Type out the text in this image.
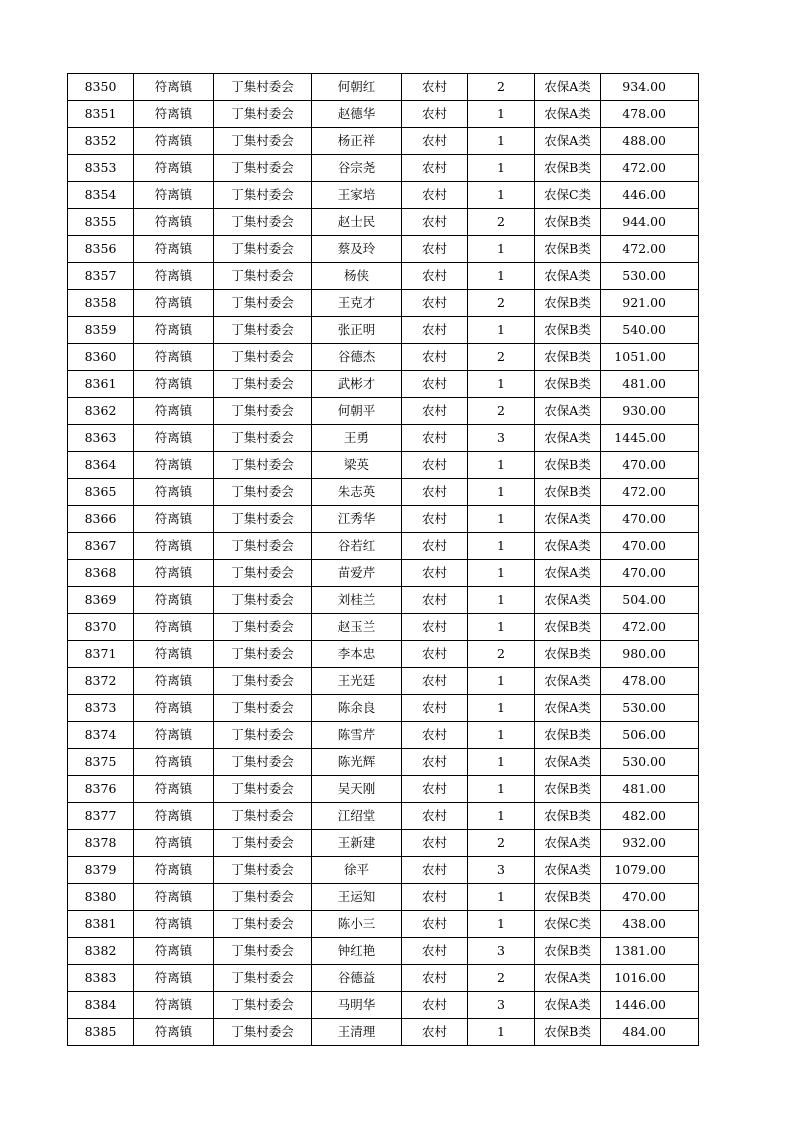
8350	符离镇	丁集村委会	何朝红	农村	2	农保A类	934.00
8351	符离镇	丁集村委会	赵德华	农村	1	农保A类	478.00
8352	符离镇	丁集村委会	杨正祥	农村	1	农保A类	488.00
8353	符离镇	丁集村委会	谷宗尧	农村	1	农保B类	472.00
8354	符离镇	丁集村委会	王家培	农村	1	农保C类	446.00
8355	符离镇	丁集村委会	赵士民	农村	2	农保B类	944.00
8356	符离镇	丁集村委会	蔡及玲	农村	1	农保B类	472.00
8357	符离镇	丁集村委会	杨侠	农村	1	农保A类	530.00
8358	符离镇	丁集村委会	王克才	农村	2	农保B类	921.00
8359	符离镇	丁集村委会	张正明	农村	1	农保B类	540.00
8360	符离镇	丁集村委会	谷德杰	农村	2	农保B类	1051.00
8361	符离镇	丁集村委会	武彬才	农村	1	农保B类	481.00
8362	符离镇	丁集村委会	何朝平	农村	2	农保A类	930.00
8363	符离镇	丁集村委会	王勇	农村	3	农保A类	1445.00
8364	符离镇	丁集村委会	梁英	农村	1	农保B类	470.00
8365	符离镇	丁集村委会	朱志英	农村	1	农保B类	472.00
8366	符离镇	丁集村委会	江秀华	农村	1	农保A类	470.00
8367	符离镇	丁集村委会	谷若红	农村	1	农保A类	470.00
8368	符离镇	丁集村委会	苗爱芹	农村	1	农保A类	470.00
8369	符离镇	丁集村委会	刘桂兰	农村	1	农保A类	504.00
8370	符离镇	丁集村委会	赵玉兰	农村	1	农保B类	472.00
8371	符离镇	丁集村委会	李本忠	农村	2	农保B类	980.00
8372	符离镇	丁集村委会	王光廷	农村	1	农保A类	478.00
8373	符离镇	丁集村委会	陈余良	农村	1	农保A类	530.00
8374	符离镇	丁集村委会	陈雪芹	农村	1	农保B类	506.00
8375	符离镇	丁集村委会	陈光辉	农村	1	农保A类	530.00
8376	符离镇	丁集村委会	吴天刚	农村	1	农保B类	481.00
8377	符离镇	丁集村委会	江绍堂	农村	1	农保B类	482.00
8378	符离镇	丁集村委会	王新建	农村	2	农保A类	932.00
8379	符离镇	丁集村委会	徐平	农村	3	农保A类	1079.00
8380	符离镇	丁集村委会	王运知	农村	1	农保B类	470.00
8381	符离镇	丁集村委会	陈小三	农村	1	农保C类	438.00
8382	符离镇	丁集村委会	钟红艳	农村	3	农保B类	1381.00
8383	符离镇	丁集村委会	谷德益	农村	2	农保A类	1016.00
8384	符离镇	丁集村委会	马明华	农村	3	农保A类	1446.00
8385	符离镇	丁集村委会	王清理	农村	1	农保B类	484.00
